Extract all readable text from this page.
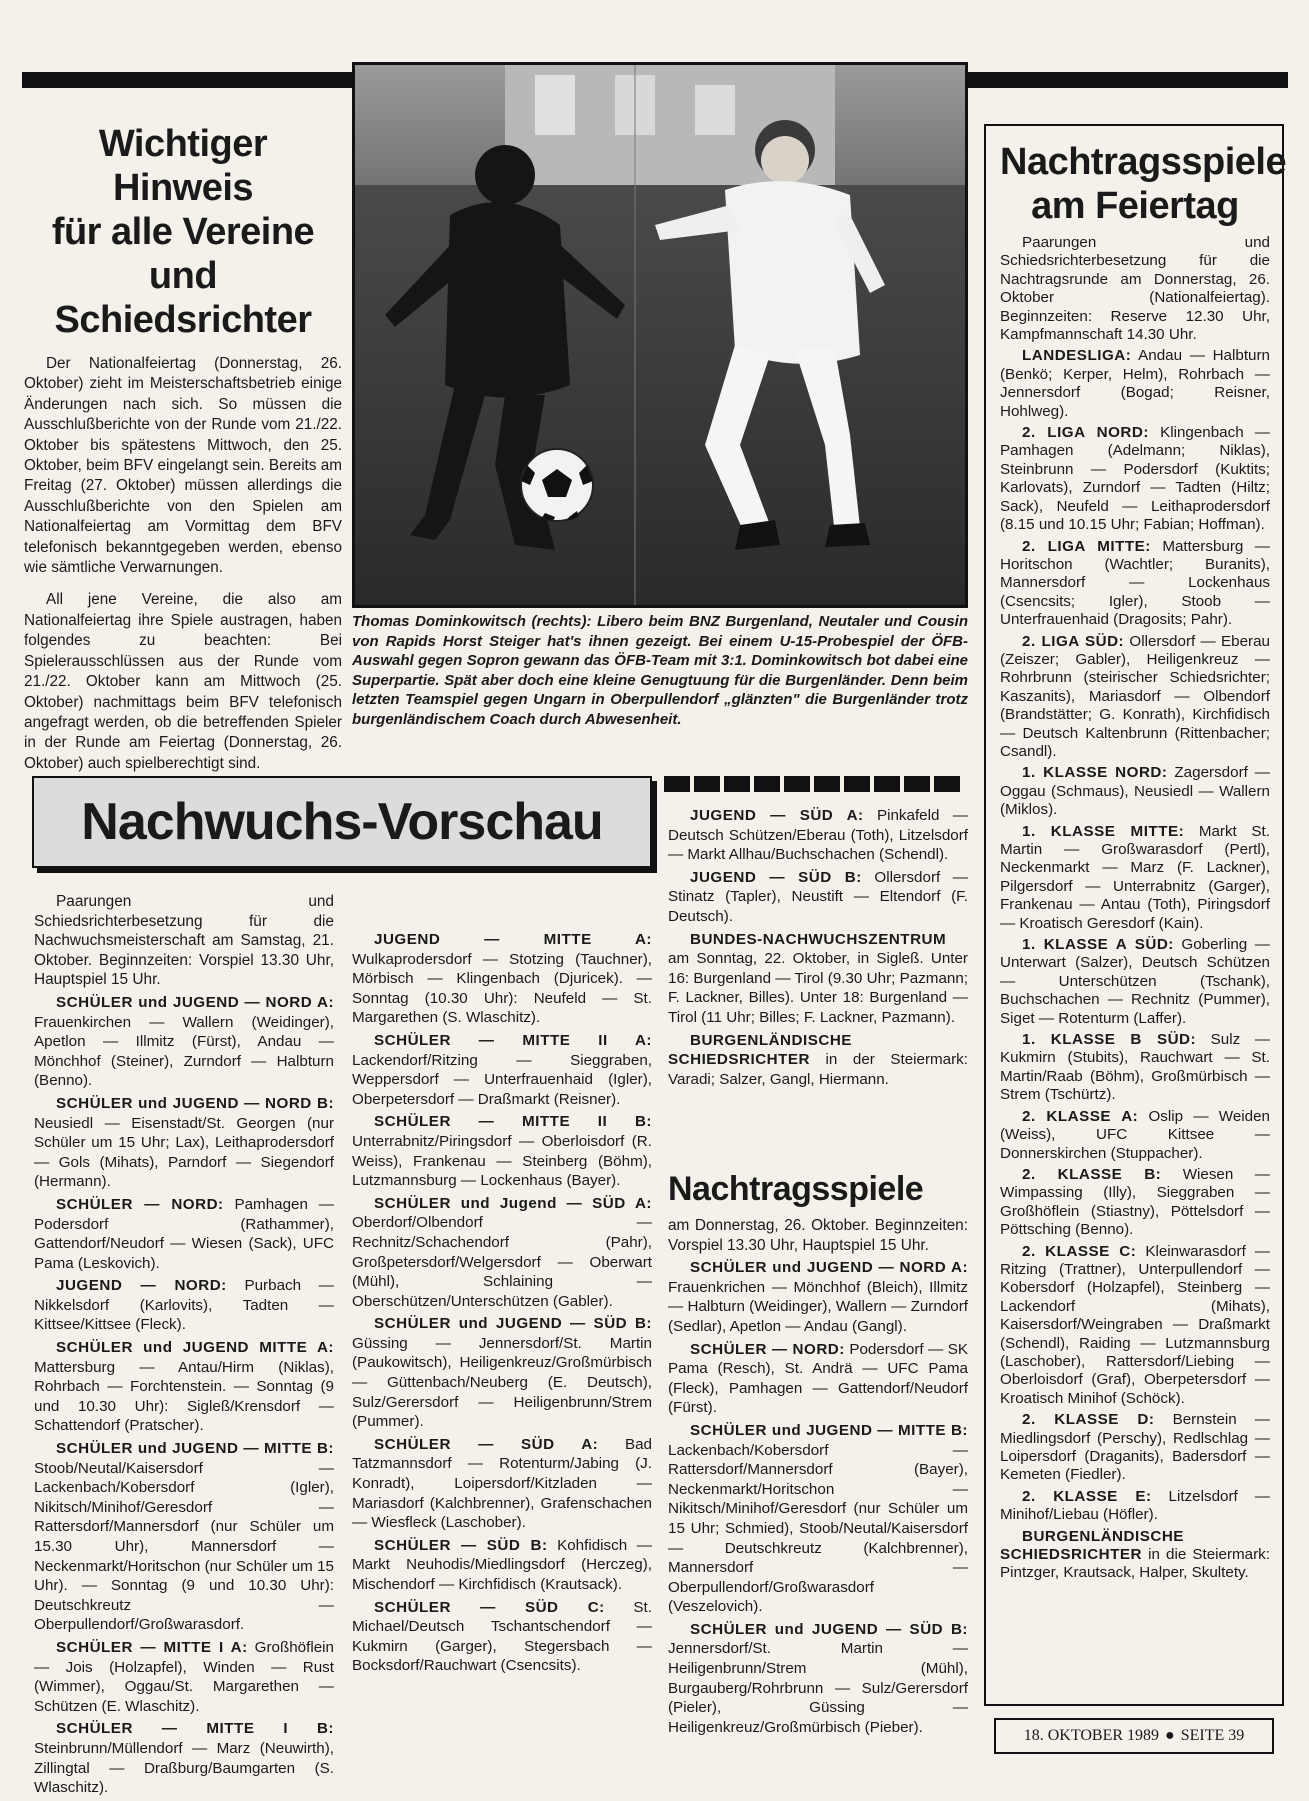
Wichtiger Hinweis
für alle Vereine
und Schiedsrichter

Der Nationalfeiertag (Donnerstag, 26. Oktober) zieht im Meisterschaftsbetrieb einige Änderungen nach sich. So müssen die Ausschlußberichte von der Runde vom 21./22. Oktober bis spätestens Mittwoch, den 25. Oktober, beim BFV eingelangt sein. Bereits am Freitag (27. Oktober) müssen allerdings die Ausschlußberichte von den Spielen am Nationalfeiertag am Vormittag dem BFV telefonisch bekanntgegeben werden, ebenso wie sämtliche Verwarnungen.

All jene Vereine, die also am Nationalfeiertag ihre Spiele austragen, haben folgendes zu beachten: Bei Spielerausschlüssen aus der Runde vom 21./22. Oktober kann am Mittwoch (25. Oktober) nachmittags beim BFV telefonisch angefragt werden, ob die betreffenden Spieler in der Runde am Feiertag (Donnerstag, 26. Oktober) auch spielberechtigt sind.

Thomas Dominkowitsch (rechts): Libero beim BNZ Burgenland, Neutaler und Cousin von Rapids Horst Steiger hat's ihnen gezeigt. Bei einem U-15-Probespiel der ÖFB-Auswahl gegen Sopron gewann das ÖFB-Team mit 3:1. Dominkowitsch bot dabei eine Superpartie. Spät aber doch eine kleine Genugtuung für die Burgenländer. Denn beim letzten Teamspiel gegen Ungarn in Oberpullendorf „glänzten" die Burgenländer trotz burgenländischem Coach durch Abwesenheit.

Nachtragsspiele
am Feiertag

Paarungen und Schiedsrichterbesetzung für die Nachtragsrunde am Donnerstag, 26. Oktober (Nationalfeiertag). Beginnzeiten: Reserve 12.30 Uhr, Kampfmannschaft 14.30 Uhr.

LANDESLIGA: Andau — Halbturn (Benkö; Kerper, Helm), Rohrbach — Jennersdorf (Bogad; Reisner, Hohlweg).

2. LIGA NORD: Klingenbach — Pamhagen (Adelmann; Niklas), Steinbrunn — Podersdorf (Kuktits; Karlovats), Zurndorf — Tadten (Hiltz; Sack), Neufeld — Leithaprodersdorf (8.15 und 10.15 Uhr; Fabian; Hoffman).

2. LIGA MITTE: Mattersburg — Horitschon (Wachtler; Buranits), Mannersdorf — Lockenhaus (Csencsits; Igler), Stoob — Unterfrauenhaid (Dragosits; Pahr).

2. LIGA SÜD: Ollersdorf — Eberau (Zeiszer; Gabler), Heiligenkreuz — Rohrbrunn (steirischer Schiedsrichter; Kaszanits), Mariasdorf — Olbendorf (Brandstätter; G. Konrath), Kirchfidisch — Deutsch Kaltenbrunn (Rittenbacher; Csandl).

1. KLASSE NORD: Zagersdorf — Oggau (Schmaus), Neusiedl — Wallern (Miklos).

1. KLASSE MITTE: Markt St. Martin — Großwarasdorf (Pertl), Neckenmarkt — Marz (F. Lackner), Pilgersdorf — Unterrabnitz (Garger), Frankenau — Antau (Toth), Piringsdorf — Kroatisch Geresdorf (Kain).

1. KLASSE A SÜD: Goberling — Unterwart (Salzer), Deutsch Schützen — Unterschützen (Tschank), Buchschachen — Rechnitz (Pummer), Siget — Rotenturm (Laffer).

1. KLASSE B SÜD: Sulz — Kukmirn (Stubits), Rauchwart — St. Martin/Raab (Böhm), Großmürbisch — Strem (Tschürtz).

2. KLASSE A: Oslip — Weiden (Weiss), UFC Kittsee — Donnerskirchen (Stuppacher).

2. KLASSE B: Wiesen — Wimpassing (Illy), Sieggraben — Großhöflein (Stiastny), Pöttelsdorf — Pöttsching (Benno).

2. KLASSE C: Kleinwarasdorf — Ritzing (Trattner), Unterpullendorf — Kobersdorf (Holzapfel), Steinberg — Lackendorf (Mihats), Kaisersdorf/Weingraben — Draßmarkt (Schendl), Raiding — Lutzmannsburg (Laschober), Rattersdorf/Liebing — Oberloisdorf (Graf), Oberpetersdorf — Kroatisch Minihof (Schöck).

2. KLASSE D: Bernstein — Miedlingsdorf (Perschy), Redlschlag — Loipersdorf (Draganits), Badersdorf — Kemeten (Fiedler).

2. KLASSE E: Litzelsdorf — Minihof/Liebau (Höfler).

BURGENLÄNDISCHE SCHIEDSRICHTER in die Steiermark: Pintzger, Krautsack, Halper, Skultety.

Nachwuchs-Vorschau

Paarungen und Schiedsrichterbesetzung für die Nachwuchsmeisterschaft am Samstag, 21. Oktober. Beginnzeiten: Vorspiel 13.30 Uhr, Hauptspiel 15 Uhr.

SCHÜLER und JUGEND — NORD A: Frauenkirchen — Wallern (Weidinger), Apetlon — Illmitz (Fürst), Andau — Mönchhof (Steiner), Zurndorf — Halbturn (Benno).

SCHÜLER und JUGEND — NORD B: Neusiedl — Eisenstadt/St. Georgen (nur Schüler um 15 Uhr; Lax), Leithaprodersdorf — Gols (Mihats), Parndorf — Siegendorf (Hermann).

SCHÜLER — NORD: Pamhagen — Podersdorf (Rathammer), Gattendorf/Neudorf — Wiesen (Sack), UFC Pama (Leskovich).

JUGEND — NORD: Purbach — Nikkelsdorf (Karlovits), Tadten — Kittsee/Kittsee (Fleck).

SCHÜLER und JUGEND MITTE A: Mattersburg — Antau/Hirm (Niklas), Rohrbach — Forchtenstein. — Sonntag (9 und 10.30 Uhr): Sigleß/Krensdorf — Schattendorf (Pratscher).

SCHÜLER und JUGEND — MITTE B: Stoob/Neutal/Kaisersdorf — Lackenbach/Kobersdorf (Igler), Nikitsch/Minihof/Geresdorf — Rattersdorf/Mannersdorf (nur Schüler um 15.30 Uhr), Mannersdorf — Neckenmarkt/Horitschon (nur Schüler um 15 Uhr). — Sonntag (9 und 10.30 Uhr): Deutschkreutz — Oberpullendorf/Großwarasdorf.

SCHÜLER — MITTE I A: Großhöflein — Jois (Holzapfel), Winden — Rust (Wimmer), Oggau/St. Margarethen — Schützen (E. Wlaschitz).

SCHÜLER — MITTE I B: Steinbrunn/Müllendorf — Marz (Neuwirth), Zillingtal — Draßburg/Baumgarten (S. Wlaschitz).

JUGEND — MITTE A: Wulkaprodersdorf — Stotzing (Tauchner), Mörbisch — Klingenbach (Djuricek). — Sonntag (10.30 Uhr): Neufeld — St. Margarethen (S. Wlaschitz).

SCHÜLER — MITTE II A: Lackendorf/Ritzing — Sieggraben, Weppersdorf — Unterfrauenhaid (Igler), Oberpetersdorf — Draßmarkt (Reisner).

SCHÜLER — MITTE II B: Unterrabnitz/Piringsdorf — Oberloisdorf (R. Weiss), Frankenau — Steinberg (Böhm), Lutzmannsburg — Lockenhaus (Bayer).

SCHÜLER und Jugend — SÜD A: Oberdorf/Olbendorf — Rechnitz/Schachendorf (Pahr), Großpetersdorf/Welgersdorf — Oberwart (Mühl), Schlaining — Oberschützen/Unterschützen (Gabler).

SCHÜLER und JUGEND — SÜD B: Güssing — Jennersdorf/St. Martin (Paukowitsch), Heiligenkreuz/Großmürbisch — Güttenbach/Neuberg (E. Deutsch), Sulz/Gerersdorf — Heiligenbrunn/Strem (Pummer).

SCHÜLER — SÜD A: Bad Tatzmannsdorf — Rotenturm/Jabing (J. Konradt), Loipersdorf/Kitzladen — Mariasdorf (Kalchbrenner), Grafenschachen — Wiesfleck (Laschober).

SCHÜLER — SÜD B: Kohfidisch — Markt Neuhodis/Miedlingsdorf (Herczeg), Mischendorf — Kirchfidisch (Krautsack).

SCHÜLER — SÜD C: St. Michael/Deutsch Tschantschendorf — Kukmirn (Garger), Stegersbach — Bocksdorf/Rauchwart (Csencsits).

JUGEND — SÜD A: Pinkafeld — Deutsch Schützen/Eberau (Toth), Litzelsdorf — Markt Allhau/Buchschachen (Schendl).

JUGEND — SÜD B: Ollersdorf — Stinatz (Tapler), Neustift — Eltendorf (F. Deutsch).

BUNDES-NACHWUCHSZENTRUM am Sonntag, 22. Oktober, in Sigleß. Unter 16: Burgenland — Tirol (9.30 Uhr; Pazmann; F. Lackner, Billes). Unter 18: Burgenland — Tirol (11 Uhr; Billes; F. Lackner, Pazmann).

BURGENLÄNDISCHE SCHIEDSRICHTER in der Steiermark: Varadi; Salzer, Gangl, Hiermann.

Nachtragsspiele

am Donnerstag, 26. Oktober. Beginnzeiten: Vorspiel 13.30 Uhr, Hauptspiel 15 Uhr.

SCHÜLER und JUGEND — NORD A: Frauenkrichen — Mönchhof (Bleich), Illmitz — Halbturn (Weidinger), Wallern — Zurndorf (Sedlar), Apetlon — Andau (Gangl).

SCHÜLER — NORD: Podersdorf — SK Pama (Resch), St. Andrä — UFC Pama (Fleck), Pamhagen — Gattendorf/Neudorf (Fürst).

SCHÜLER und JUGEND — MITTE B: Lackenbach/Kobersdorf — Rattersdorf/Mannersdorf (Bayer), Neckenmarkt/Horitschon — Nikitsch/Minihof/Geresdorf (nur Schüler um 15 Uhr; Schmied), Stoob/Neutal/Kaisersdorf — Deutschkreutz (Kalchbrenner), Mannersdorf — Oberpullendorf/Großwarasdorf (Veszelovich).

SCHÜLER und JUGEND — SÜD B: Jennersdorf/St. Martin — Heiligenbrunn/Strem (Mühl), Burgauberg/Rohrbrunn — Sulz/Gerersdorf (Pieler), Güssing — Heiligenkreuz/Großmürbisch (Pieber).	18. OKTOBER 1989 ● SEITE 39
